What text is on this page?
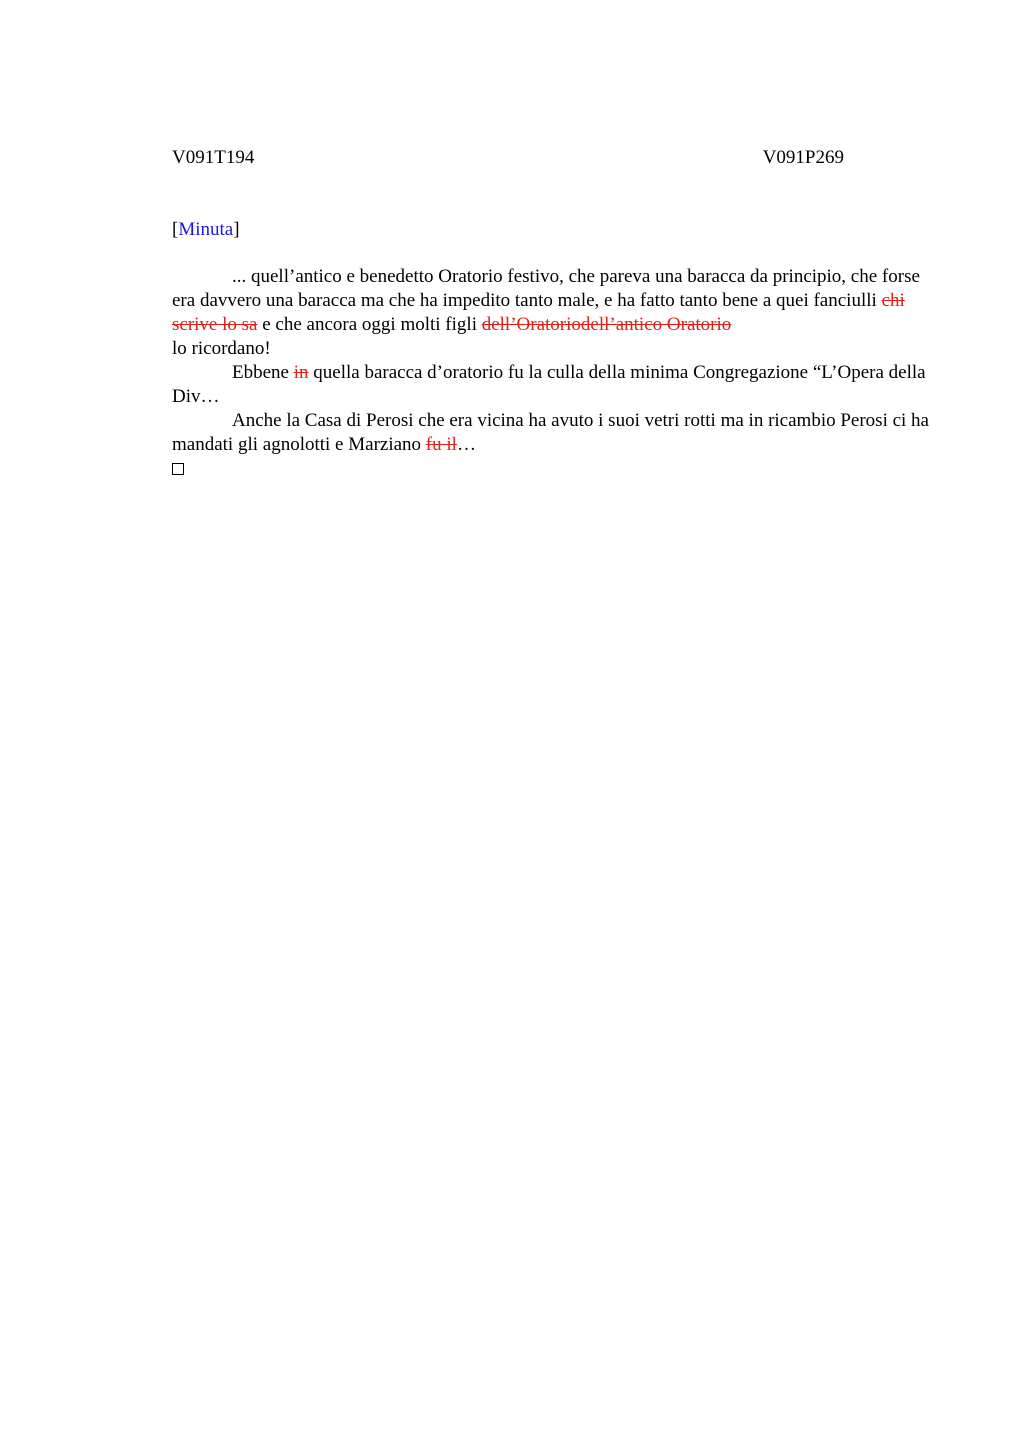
V091T194	V091P269
[Minuta]

... quell’antico e benedetto Oratorio festivo, che pareva una baracca da principio, che forse era davvero una baracca ma che ha impedito tanto male, e ha fatto tanto bene a quei fanciulli chi scrive lo sa e che ancora oggi molti figli dell’Oratoriodell’antico Oratorio
lo ricordano!

Ebbene in quella baracca d’oratorio fu la culla della minima Congregazione “L’Opera della Div…

Anche la Casa di Perosi che era vicina ha avuto i suoi vetri rotti ma in ricambio Perosi ci ha mandati gli agnolotti e Marziano fu il…
